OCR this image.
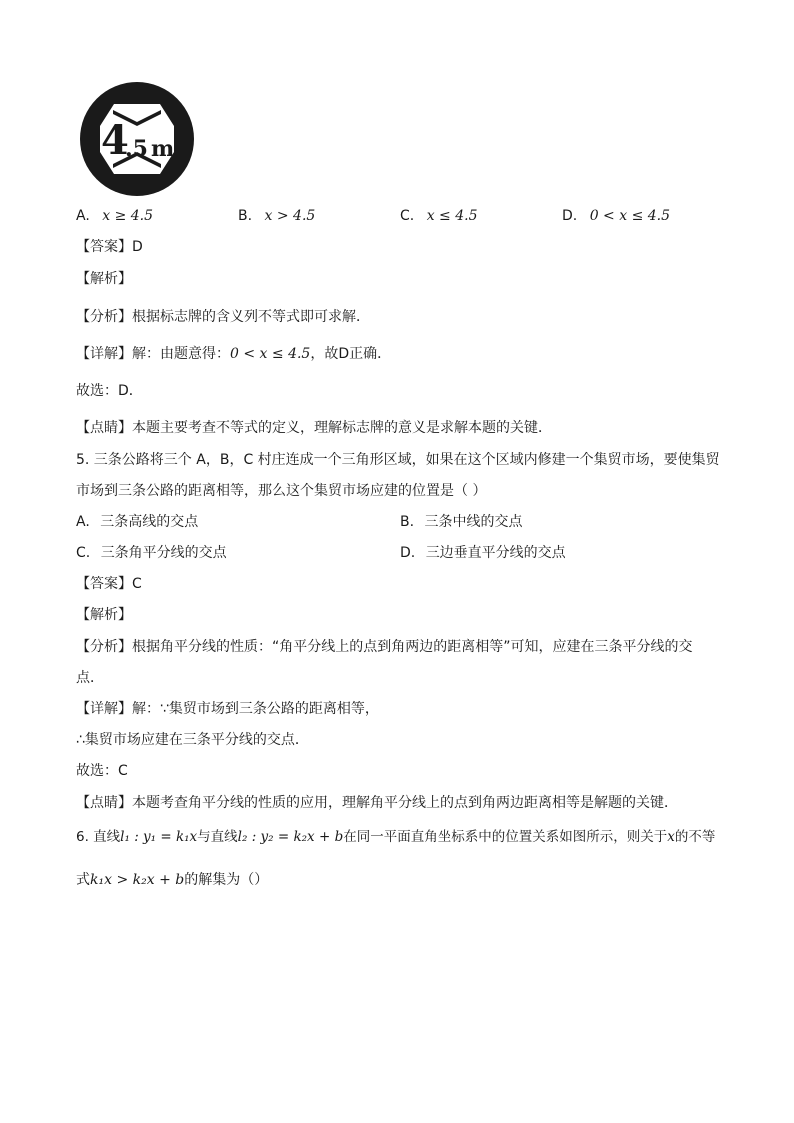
4
.5 m
A. x ≥ 4.5	B. x > 4.5	C. x ≤ 4.5	D. 0 < x ≤ 4.5
【答案】D
【解析】
【分析】根据标志牌的含义列不等式即可求解．
【详解】解：由题意得：0 < x ≤ 4.5，故D正确．
故选：D．
【点睛】本题主要考查不等式的定义，理解标志牌的意义是求解本题的关键．
5. 三条公路将三个 A，B，C 村庄连成一个三角形区域，如果在这个区域内修建一个集贸市场，要使集贸
市场到三条公路的距离相等，那么这个集贸市场应建的位置是（ ）
A. 三条高线的交点	B. 三条中线的交点
C. 三条角平分线的交点	D. 三边垂直平分线的交点
【答案】C
【解析】
【分析】根据角平分线的性质：“角平分线上的点到角两边的距离相等”可知，应建在三条平分线的交
点．
【详解】解：∵集贸市场到三条公路的距离相等，
∴集贸市场应建在三条平分线的交点．
故选：C
【点睛】本题考查角平分线的性质的应用，理解角平分线上的点到角两边距离相等是解题的关键．
6. 直线l₁ : y₁ = k₁x与直线l₂ : y₂ = k₂x + b在同一平面直角坐标系中的位置关系如图所示，则关于x的不等
式k₁x > k₂x + b的解集为（）
